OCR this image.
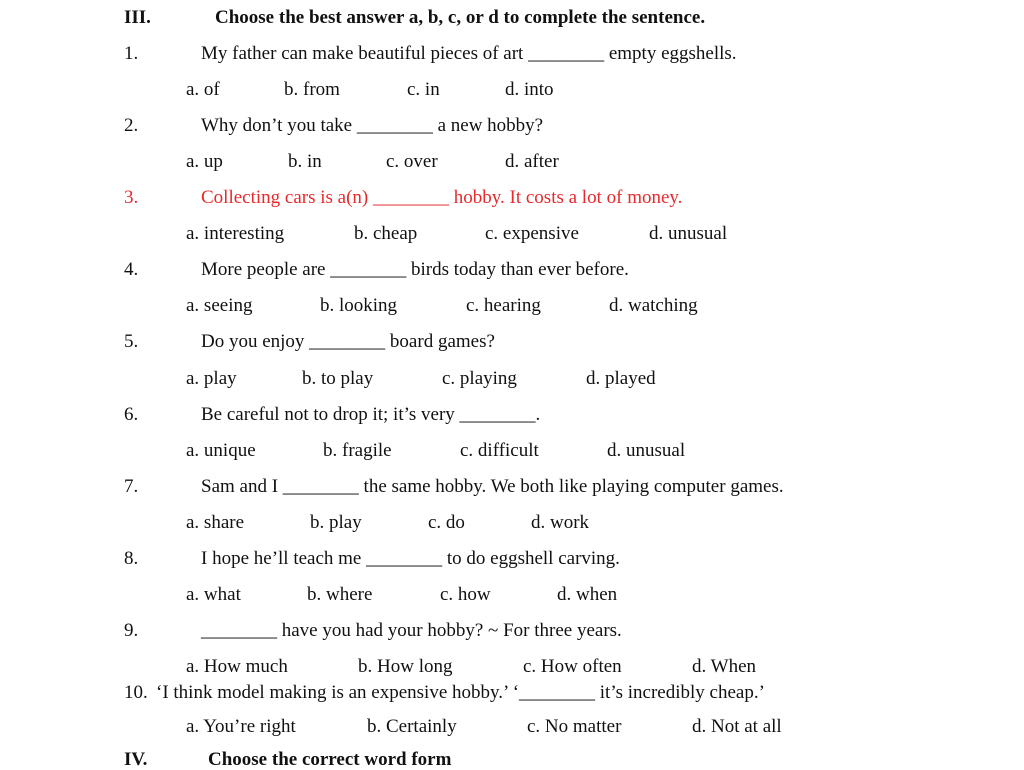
III.	Choose the best answer a, b, c, or d to complete the sentence.
1.	My father can make beautiful pieces of art ________ empty eggshells.
a. of	b. from	c. in	d. into
2.	Why don’t you take ________ a new hobby?
a. up	b. in	c. over	d. after
3.	Collecting cars is a(n) ________ hobby. It costs a lot of money.
a. interesting	b. cheap	c. expensive	d. unusual
4.	More people are ________ birds today than ever before.
a. seeing	b. looking	c. hearing	d. watching
5.	Do you enjoy ________ board games?
a. play	b. to play	c. playing	d. played
6.	Be careful not to drop it; it’s very ________.
a. unique	b. fragile	c. difficult	d. unusual
7.	Sam and I ________ the same hobby. We both like playing computer games.
a. share	b. play	c. do	d. work
8.	I hope he’ll teach me ________ to do eggshell carving.
a. what	b. where	c. how	d. when
9.	________ have you had your hobby? ~ For three years.
a. How much	b. How long	c. How often	d. When
10. ‘I think model making is an expensive hobby.’ ‘________ it’s incredibly cheap.’
a. You’re right	b. Certainly	c. No matter	d. Not at all
IV.	Choose the correct word form
